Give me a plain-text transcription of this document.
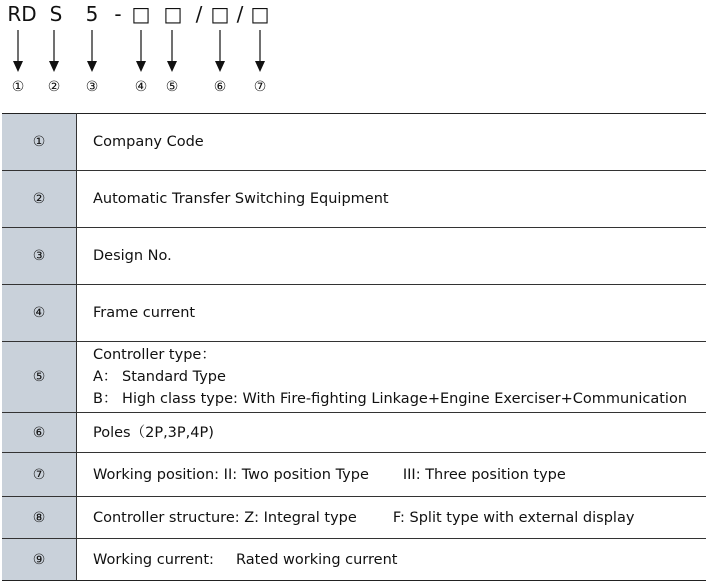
RD S 5 - □ □ / □ / □
① ② ③	④ ⑤	⑥ ⑦
①	Company Code
②	Automatic Transfer Switching Equipment
③	Design No.
④	Frame current
⑤	Controller type：
A： Standard Type
B： High class type: With Fire-fighting Linkage+Engine Exerciser+Communication

⑥	Poles（2P,3P,4P)
⑦	Working position: II: Two position Type III: Three position type
⑧	Controller structure: Z: Integral type F: Split type with external display
⑨	Working current: Rated working current
